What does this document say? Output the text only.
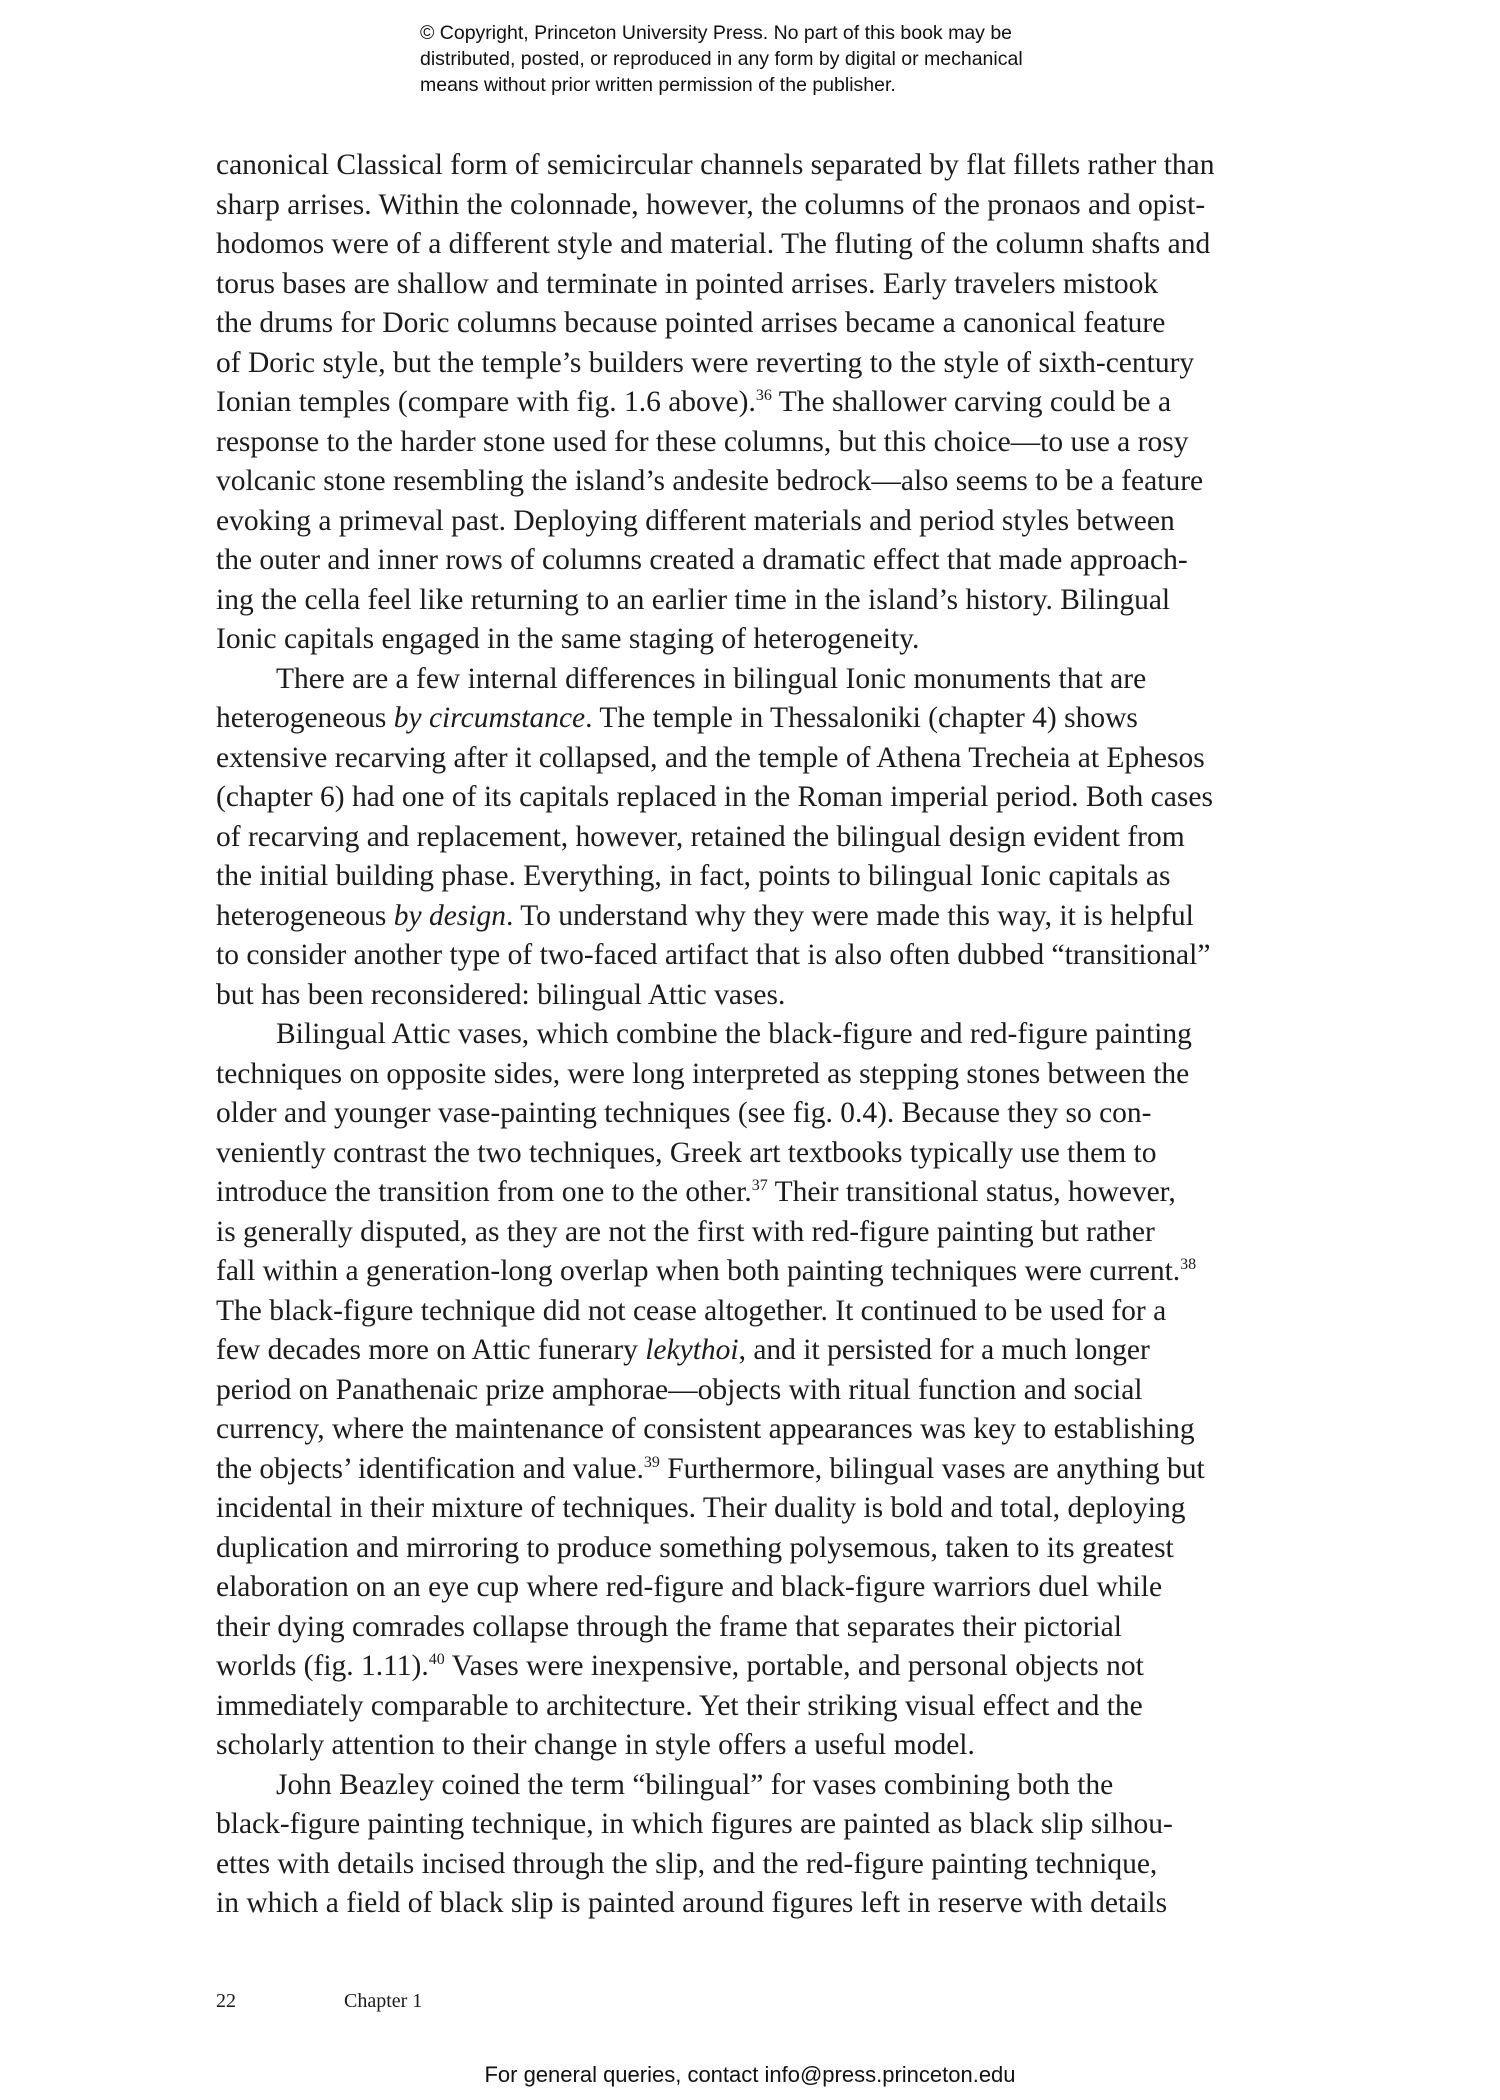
© Copyright, Princeton University Press. No part of this book may be
distributed, posted, or reproduced in any form by digital or mechanical
means without prior written permission of the publisher.
canonical Classical form of semicircular channels separated by flat fillets rather than
sharp arrises. Within the colonnade, however, the columns of the pronaos and opist-
hodomos were of a different style and material. The fluting of the column shafts and
torus bases are shallow and terminate in pointed arrises. Early travelers mistook
the drums for Doric columns because pointed arrises became a canonical feature
of Doric style, but the temple’s builders were reverting to the style of sixth-century
Ionian temples (compare with fig. 1.6 above).$^{36}$ The shallower carving could be a
response to the harder stone used for these columns, but this choice—to use a rosy
volcanic stone resembling the island’s andesite bedrock—also seems to be a feature
evoking a primeval past. Deploying different materials and period styles between
the outer and inner rows of columns created a dramatic effect that made approach-
ing the cella feel like returning to an earlier time in the island’s history. Bilingual
Ionic capitals engaged in the same staging of heterogeneity.
There are a few internal differences in bilingual Ionic monuments that are
heterogeneous by circumstance. The temple in Thessaloniki (chapter 4) shows
extensive recarving after it collapsed, and the temple of Athena Trecheia at Ephesos
(chapter 6) had one of its capitals replaced in the Roman imperial period. Both cases
of recarving and replacement, however, retained the bilingual design evident from
the initial building phase. Everything, in fact, points to bilingual Ionic capitals as
heterogeneous by design. To understand why they were made this way, it is helpful
to consider another type of two-faced artifact that is also often dubbed “transitional”
but has been reconsidered: bilingual Attic vases.
Bilingual Attic vases, which combine the black-figure and red-figure painting
techniques on opposite sides, were long interpreted as stepping stones between the
older and younger vase-painting techniques (see fig. 0.4). Because they so con-
veniently contrast the two techniques, Greek art textbooks typically use them to
introduce the transition from one to the other.$^{37}$ Their transitional status, however,
is generally disputed, as they are not the first with red-figure painting but rather
fall within a generation-long overlap when both painting techniques were current.$^{38}$
The black-figure technique did not cease altogether. It continued to be used for a
few decades more on Attic funerary lekythoi, and it persisted for a much longer
period on Panathenaic prize amphorae—objects with ritual function and social
currency, where the maintenance of consistent appearances was key to establishing
the objects’ identification and value.$^{39}$ Furthermore, bilingual vases are anything but
incidental in their mixture of techniques. Their duality is bold and total, deploying
duplication and mirroring to produce something polysemous, taken to its greatest
elaboration on an eye cup where red-figure and black-figure warriors duel while
their dying comrades collapse through the frame that separates their pictorial
worlds (fig. 1.11).$^{40}$ Vases were inexpensive, portable, and personal objects not
immediately comparable to architecture. Yet their striking visual effect and the
scholarly attention to their change in style offers a useful model.
John Beazley coined the term “bilingual” for vases combining both the
black-figure painting technique, in which figures are painted as black slip silhou-
ettes with details incised through the slip, and the red-figure painting technique,
in which a field of black slip is painted around figures left in reserve with details
22	Chapter 1
For general queries, contact info@press.princeton.edu
